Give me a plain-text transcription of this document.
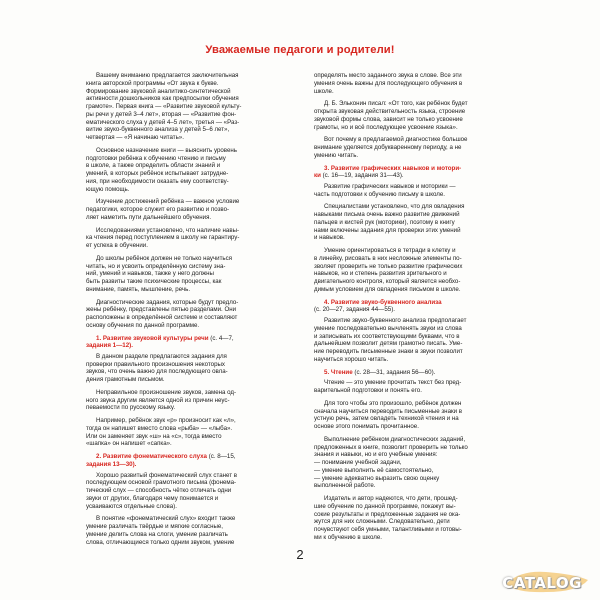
Уважаемые педагоги и родители!

Вашему вниманию предлагается заключительная
книга авторской программы «От звука к букве.
Формирование звуковой аналитико-синтетической
активности дошкольников как предпосылки обучения
грамоте». Первая книга — «Развитие звуковой культу-
ры речи у детей 3–4 лет», вторая — «Развитие фон-
ематического слуха у детей 4–5 лет», третья — «Раз-
витие звуко-буквенного анализа у детей 5–6 лет»,
четвертая — «Я начинаю читать».

Основное назначение книги — выяснить уровень
подготовки ребёнка к обучению чтению и письму
в школе, а также определить области знаний и
умений, в которых ребёнок испытывает затрудне-
ния, при необходимости оказать ему соответству-
ющую помощь.

Изучение достижений ребёнка — важное условие
педагогики, которое служит его развитию и позво-
ляет наметить пути дальнейшего обучения.

Исследованиями установлено, что наличие навы-
ка чтения перед поступлением в школу не гарантиру-
ет успеха в обучении.

До школы ребёнок должен не только научиться
читать, но и усвоить определённую систему зна-
ний, умений и навыков, также у него должны
быть развиты такие психические процессы, как
внимание, память, мышление, речь.

Диагностические задания, которые будут предло-
жены ребёнку, представлены пятью разделами. Они
расположены в определённой системе и составляют
основу обучения по данной программе.

1. Развитие звуковой культуры речи (с. 4—7,
задания 1—12).

В данном разделе предлагаются задания для
проверки правильного произношения некоторых
звуков, что очень важно для последующего овла-
дения грамотным письмом.

Неправильное произношение звуков, замена од-
ного звука другим является одной из причин неус-
певаемости по русскому языку.

Например, ребёнок звук «р» произносит как «л»,
тогда он напишет вместо слова «рыба» — «лыба».
Или он заменяет звук «ш» на «с», тогда вместо
«шапка» он напишет «сапка».

2. Развитие фонематического слуха (с. 8—15,
задания 13—30).

Хорошо развитый фонематический слух станет в
последующем основой грамотного письма (фонема-
тический слух — способность чётко отличать одни
звуки от других, благодаря чему понимается и
усваиваются отдельные слова).

В понятие «фонематический слух» входит также
умение различать твёрдые и мягкие согласные,
умение делить слова на слоги, умение различать
слова, отличающиеся только одним звуком, умение

определять место заданного звука в слове. Все эти
умения очень важны для последующего обучения в
школе.

Д. Б. Эльконин писал: «От того, как ребёнок будет
открыта звуковая действительность языка, строение
звуковой формы слова, зависит не только усвоение
грамоты, но и всё последующее усвоение языка».

Вот почему в предлагаемой диагностике большое
внимание уделяется добукваренному периоду, а не
умению читать.

3. Развитие графических навыков и мотори-
ки (с. 16—19, задания 31—43).

Развитие графических навыков и моторики —
часть подготовки к обучению письму в школе.

Специалистами установлено, что для овладения
навыками письма очень важно развитие движений
пальцев и кистей рук (моторики), поэтому в книгу
нами включены задания для проверки этих умений
и навыков.

Умение ориентироваться в тетради в клетку и
в линейку, рисовать в них несложные элементы по-
зволяет проверить не только развитие графических
навыков, но и степень развития зрительного и
двигательного контроля, который является необхо-
димым условием для овладения письмом в школе.

4. Развитие звуко-буквенного анализа
(с. 20—27, задания 44—55).

Развитие звуко-буквенного анализа предполагает
умение последовательно вычленять звуки из слова
и записывать их соответствующими буквами, что в
дальнейшем позволит детям грамотно писать. Уме-
ние переводить письменные знаки в звуки позволит
научиться хорошо читать.

5. Чтение (с. 28—31, задания 56—60).

Чтение — это умение прочитать текст без пред-
варительной подготовки и понять его.

Для того чтобы это произошло, ребёнок должен
сначала научиться переводить письменные знаки в
устную речь, затем овладеть техникой чтения и на
основе этого понимать прочитанное.

Выполнение ребёнком диагностических заданий,
предложенных в книге, позволит проверить не только
знания и навыки, но и его учебные умения:
— понимание учебной задачи,
— умение выполнить её самостоятельно,
— умение адекватно выразить свою оценку
выполненной работе.

Издатель и автор надеются, что дети, прошед-
шие обучение по данной программе, покажут вы-
сокие результаты и предложенные задания не ока-
жутся для них сложными. Следовательно, дети
почувствуют себя умными, талантливыми и готовы-
ми к обучению в школе.

2
CATALOG
